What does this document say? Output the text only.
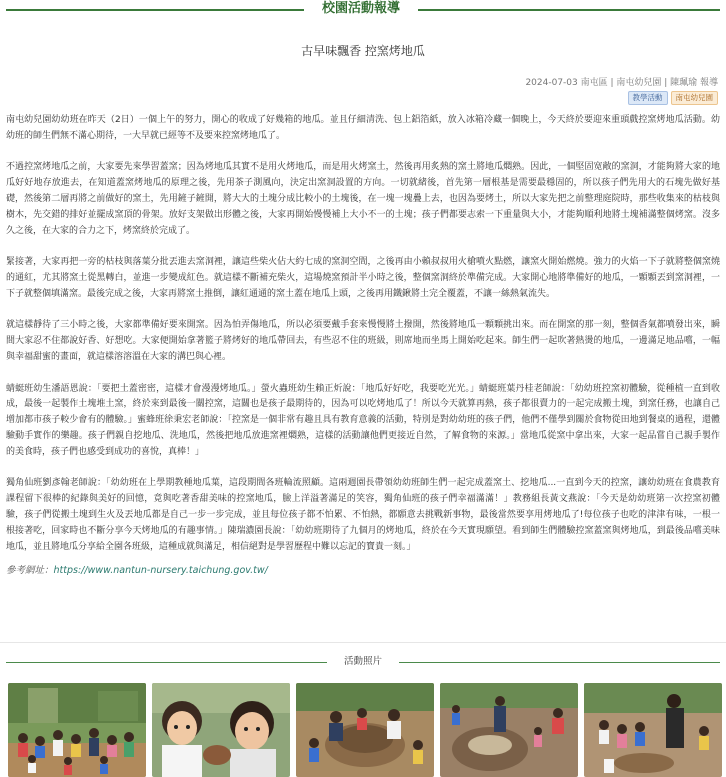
校園活動報導
古早味飄香 控窯烤地瓜
2024-07-03 南屯區 | 南屯幼兒園 | 陳珮瑜 報導
教學活動	南屯幼兒園

南屯幼兒園幼幼班在昨天（2日）一個上午的努力，開心的收成了好幾箱的地瓜。並且仔細清洗、包上鋁箔紙，放入冰箱冷藏一個晚上，今天終於要迎來重頭戲控窯烤地瓜活動。幼幼班的師生們無不滿心期待，一大早就已經等不及要來控窯烤地瓜了。

不過控窯烤地瓜之前，大家要先來學習蓋窯；因為烤地瓜其實不是用火烤地瓜，而是用火烤窯土，然後再用炙熱的窯土將地瓜燜熟。因此，一個堅固宽敞的窯洞，才能夠將大家的地瓜好好地存放進去，在知道蓋窯烤地瓜的原理之後，先用茶子測風向，決定出窯洞設置的方向。一切就緒後，首先第一層根基是需要最穩固的，所以孩子們先用大的石塊先做好基礎，然後第二層再將之前做好的窯土，先用鏟子鏟開，將大大的土塊分成比較小的土塊後，在一塊一塊疊上去，也因為要烤土，所以大家先把之前整理庭院時，那些收集來的枯枝與樹木，先交錯的排好並擺成窯頂的骨架。放好支架做出形體之後，大家再開始慢慢補上大小不一的土塊；孩子們都要志索一下重量與大小，才能夠順利地將土塊補滿整個烤窯。沒多久之後，在大家的合力之下，烤窯終於完成了。

緊接著，大家再把一旁的枯枝與落葉分批丟進去窯洞裡，讓這些柴火佔大約七成的窯洞空間，之後再由小賴叔叔用火槍噴火點燃，讓窯火開始燃燒。強力的火焰一下子就將整個窯燒的通紅，尤其將窯土從黑轉白，並進一步變成紅色。就這樣不斷補充柴火，這場燒窯預計半小時之後，整個窯洞終於準備完成。大家開心地將準備好的地瓜，一顆顆丟到窯洞裡，一下子就整個填滿窯。最後完成之後，大家再將窯土推倒，讓紅通通的窯土蓋在地瓜上頭，之後再用鐵鍬將土完全覆蓋，不讓一絲熱氣流失。

就這樣靜待了三小時之後，大家都準備好要來開窯。因為怕弄傷地瓜，所以必須要戴手套來慢慢將土撥開，然後將地瓜一顆顆挑出來。而在開窯的那一刻，整個香氣都噴發出來，瞬間大家忍不住都說好香、好想吃。大家便開始拿著籃子將烤好的地瓜帶回去，有些忍不住的班級，則席地而坐馬上開始吃起來。師生們一起吹著熱燙的地瓜，一邊滿足地品嚐，一幅與幸福甜蜜的畫面，就這樣溶溶溫在大家的溝巴與心裡。

蜻蜓班幼生潘語恩說：「要把土蓋密密，這樣才會漫漫烤地瓜。」螢火蟲班幼生賴正炘說：「地瓜好好吃，我要吃光光。」蜻蜓班葉丹桂老師說：「幼幼班控窯初體驗，從種植一直到收成，最後一起製作土塊堆土窯，終於來到最後一關控窯，這關也是孩子最期待的，因為可以吃烤地瓜了！所以今天就算再熱，孩子都很賣力的一起完成搬土塊，到窯任務，也讓自己增加都市孩子較少會有的體驗。」蜜蜂班徐秉宏老師說：「控窯是一個非常有趣且具有教育意義的活動，特別是對幼幼班的孩子們，他們不僅學到關於食物從田地到餐桌的過程，還體驗動手實作的樂趣。孩子們親自挖地瓜、洗地瓜，然後把地瓜放進窯裡燜熟，這樣的活動讓他們更接近自然，了解食物的來源。」當地瓜從窯中拿出來，大家一起品嘗自己親手製作的美食時，孩子們也感受到成功的喜悅，真棒！」

獨角仙班劉彥翰老師說：「幼幼班在上學期教種地瓜葉，這段期間各班輪流照顧。這兩週園長帶領幼幼班師生們一起完成蓋窯土、挖地瓜...一直到今天的控窯，讓幼幼班在食農教育課程留下很棒的紀錄與美好的回憶，竟與吃著香甜美味的控窯地瓜，臉上洋溢著滿足的笑容，獨角仙班的孩子們幸福滿滿！」教務組長黃文燕說：「今天是幼幼班第一次控窯初體驗，孩子們從搬土塊到生火及丟地瓜都是自己一步一步完成，並且每位孩子都不怕累、不怕熱，都願意去挑戰新事物，最後當然要享用烤地瓜了!每位孩子也吃的津津有味，一根一根接著吃，回家時也不斷分享今天烤地瓜的有趣事情。」陳瑞濃園長說：「幼幼班期待了九個月的烤地瓜，終於在今天實現願望。看到師生們體驗控窯蓋窯與烤地瓜，到最後品嚐美味地瓜，並且將地瓜分享給全園各班級，這種成就與滿足，相信絕對是學習歷程中難以忘記的寶貴一刻。」

參考網址：https://www.nantun-nursery.taichung.gov.tw/
活動照片
